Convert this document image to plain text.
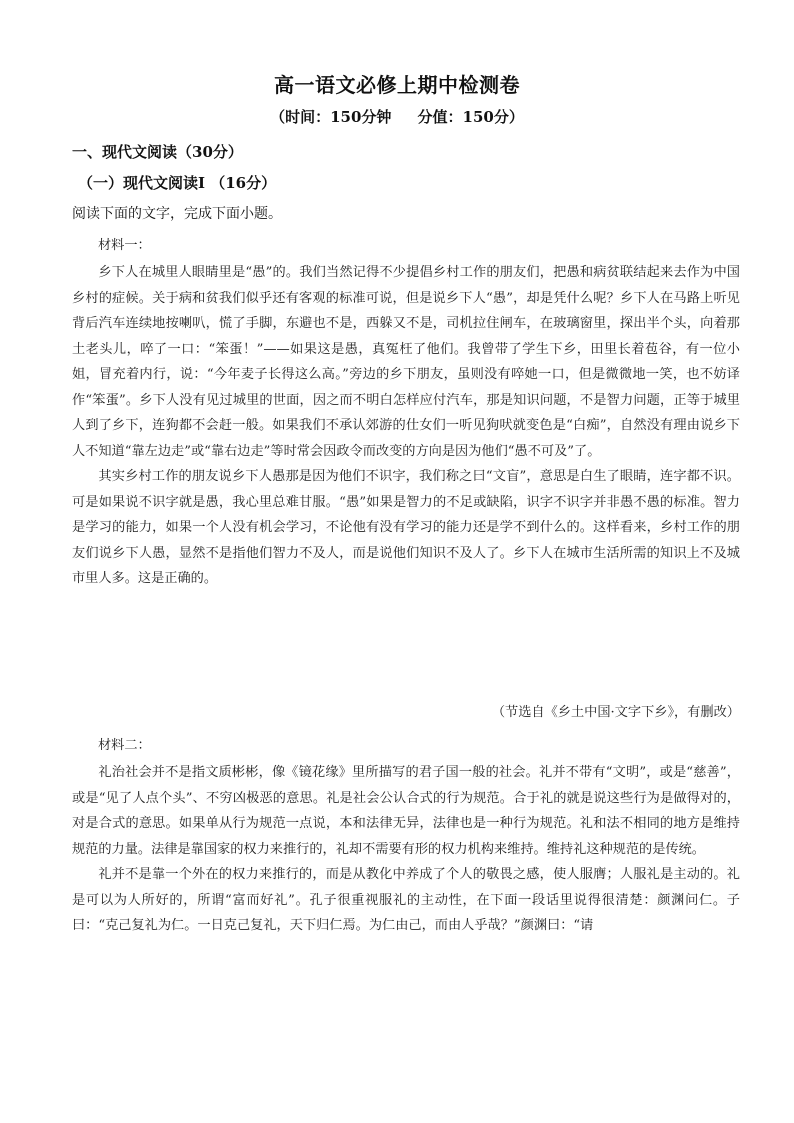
高一语文必修上期中检测卷
（时间：150分钟     分值：150分）
一、现代文阅读（30分）
（一）现代文阅读Ⅰ （16分）
阅读下面的文字，完成下面小题。
材料一：

乡下人在城里人眼睛里是“愚”的。我们当然记得不少提倡乡村工作的朋友们，把愚和病贫联结起来去作为中国乡村的症候。关于病和贫我们似乎还有客观的标准可说，但是说乡下人“愚”，却是凭什么呢？乡下人在马路上听见背后汽车连续地按喇叭，慌了手脚，东避也不是，西躲又不是，司机拉住闸车，在玻璃窗里，探出半个头，向着那土老头儿，啐了一口：“笨蛋！”——如果这是愚，真冤枉了他们。我曾带了学生下乡，田里长着苞谷，有一位小姐，冒充着内行，说：“今年麦子长得这么高。”旁边的乡下朋友，虽则没有啐她一口，但是微微地一笑，也不妨译作“笨蛋”。乡下人没有见过城里的世面，因之而不明白怎样应付汽车，那是知识问题，不是智力问题，正等于城里人到了乡下，连狗都不会赶一般。如果我们不承认郊游的仕女们一听见狗吠就变色是“白痴”，自然没有理由说乡下人不知道“靠左边走”或“靠右边走”等时常会因政令而改变的方向是因为他们“愚不可及”了。

其实乡村工作的朋友说乡下人愚那是因为他们不识字，我们称之曰“文盲”，意思是白生了眼睛，连字都不识。可是如果说不识字就是愚，我心里总难甘服。“愚”如果是智力的不足或缺陷，识字不识字并非愚不愚的标准。智力是学习的能力，如果一个人没有机会学习，不论他有没有学习的能力还是学不到什么的。这样看来，乡村工作的朋友们说乡下人愚，显然不是指他们智力不及人，而是说他们知识不及人了。乡下人在城市生活所需的知识上不及城市里人多。这是正确的。

（节选自《乡土中国·文字下乡》，有删改）
材料二：

礼治社会并不是指文质彬彬，像《镜花缘》里所描写的君子国一般的社会。礼并不带有“文明”，或是“慈善”，或是“见了人点个头”、不穷凶极恶的意思。礼是社会公认合式的行为规范。合于礼的就是说这些行为是做得对的，对是合式的意思。如果单从行为规范一点说，本和法律无异，法律也是一种行为规范。礼和法不相同的地方是维持规范的力量。法律是靠国家的权力来推行的，礼却不需要有形的权力机构来维持。维持礼这种规范的是传统。

礼并不是靠一个外在的权力来推行的，而是从教化中养成了个人的敬畏之感，使人服膺；人服礼是主动的。礼是可以为人所好的，所谓“富而好礼”。孔子很重视服礼的主动性，在下面一段话里说得很清楚：颜渊问仁。子曰：“克己复礼为仁。一日克己复礼，天下归仁焉。为仁由己，而由人乎哉？”颜渊曰：“请
